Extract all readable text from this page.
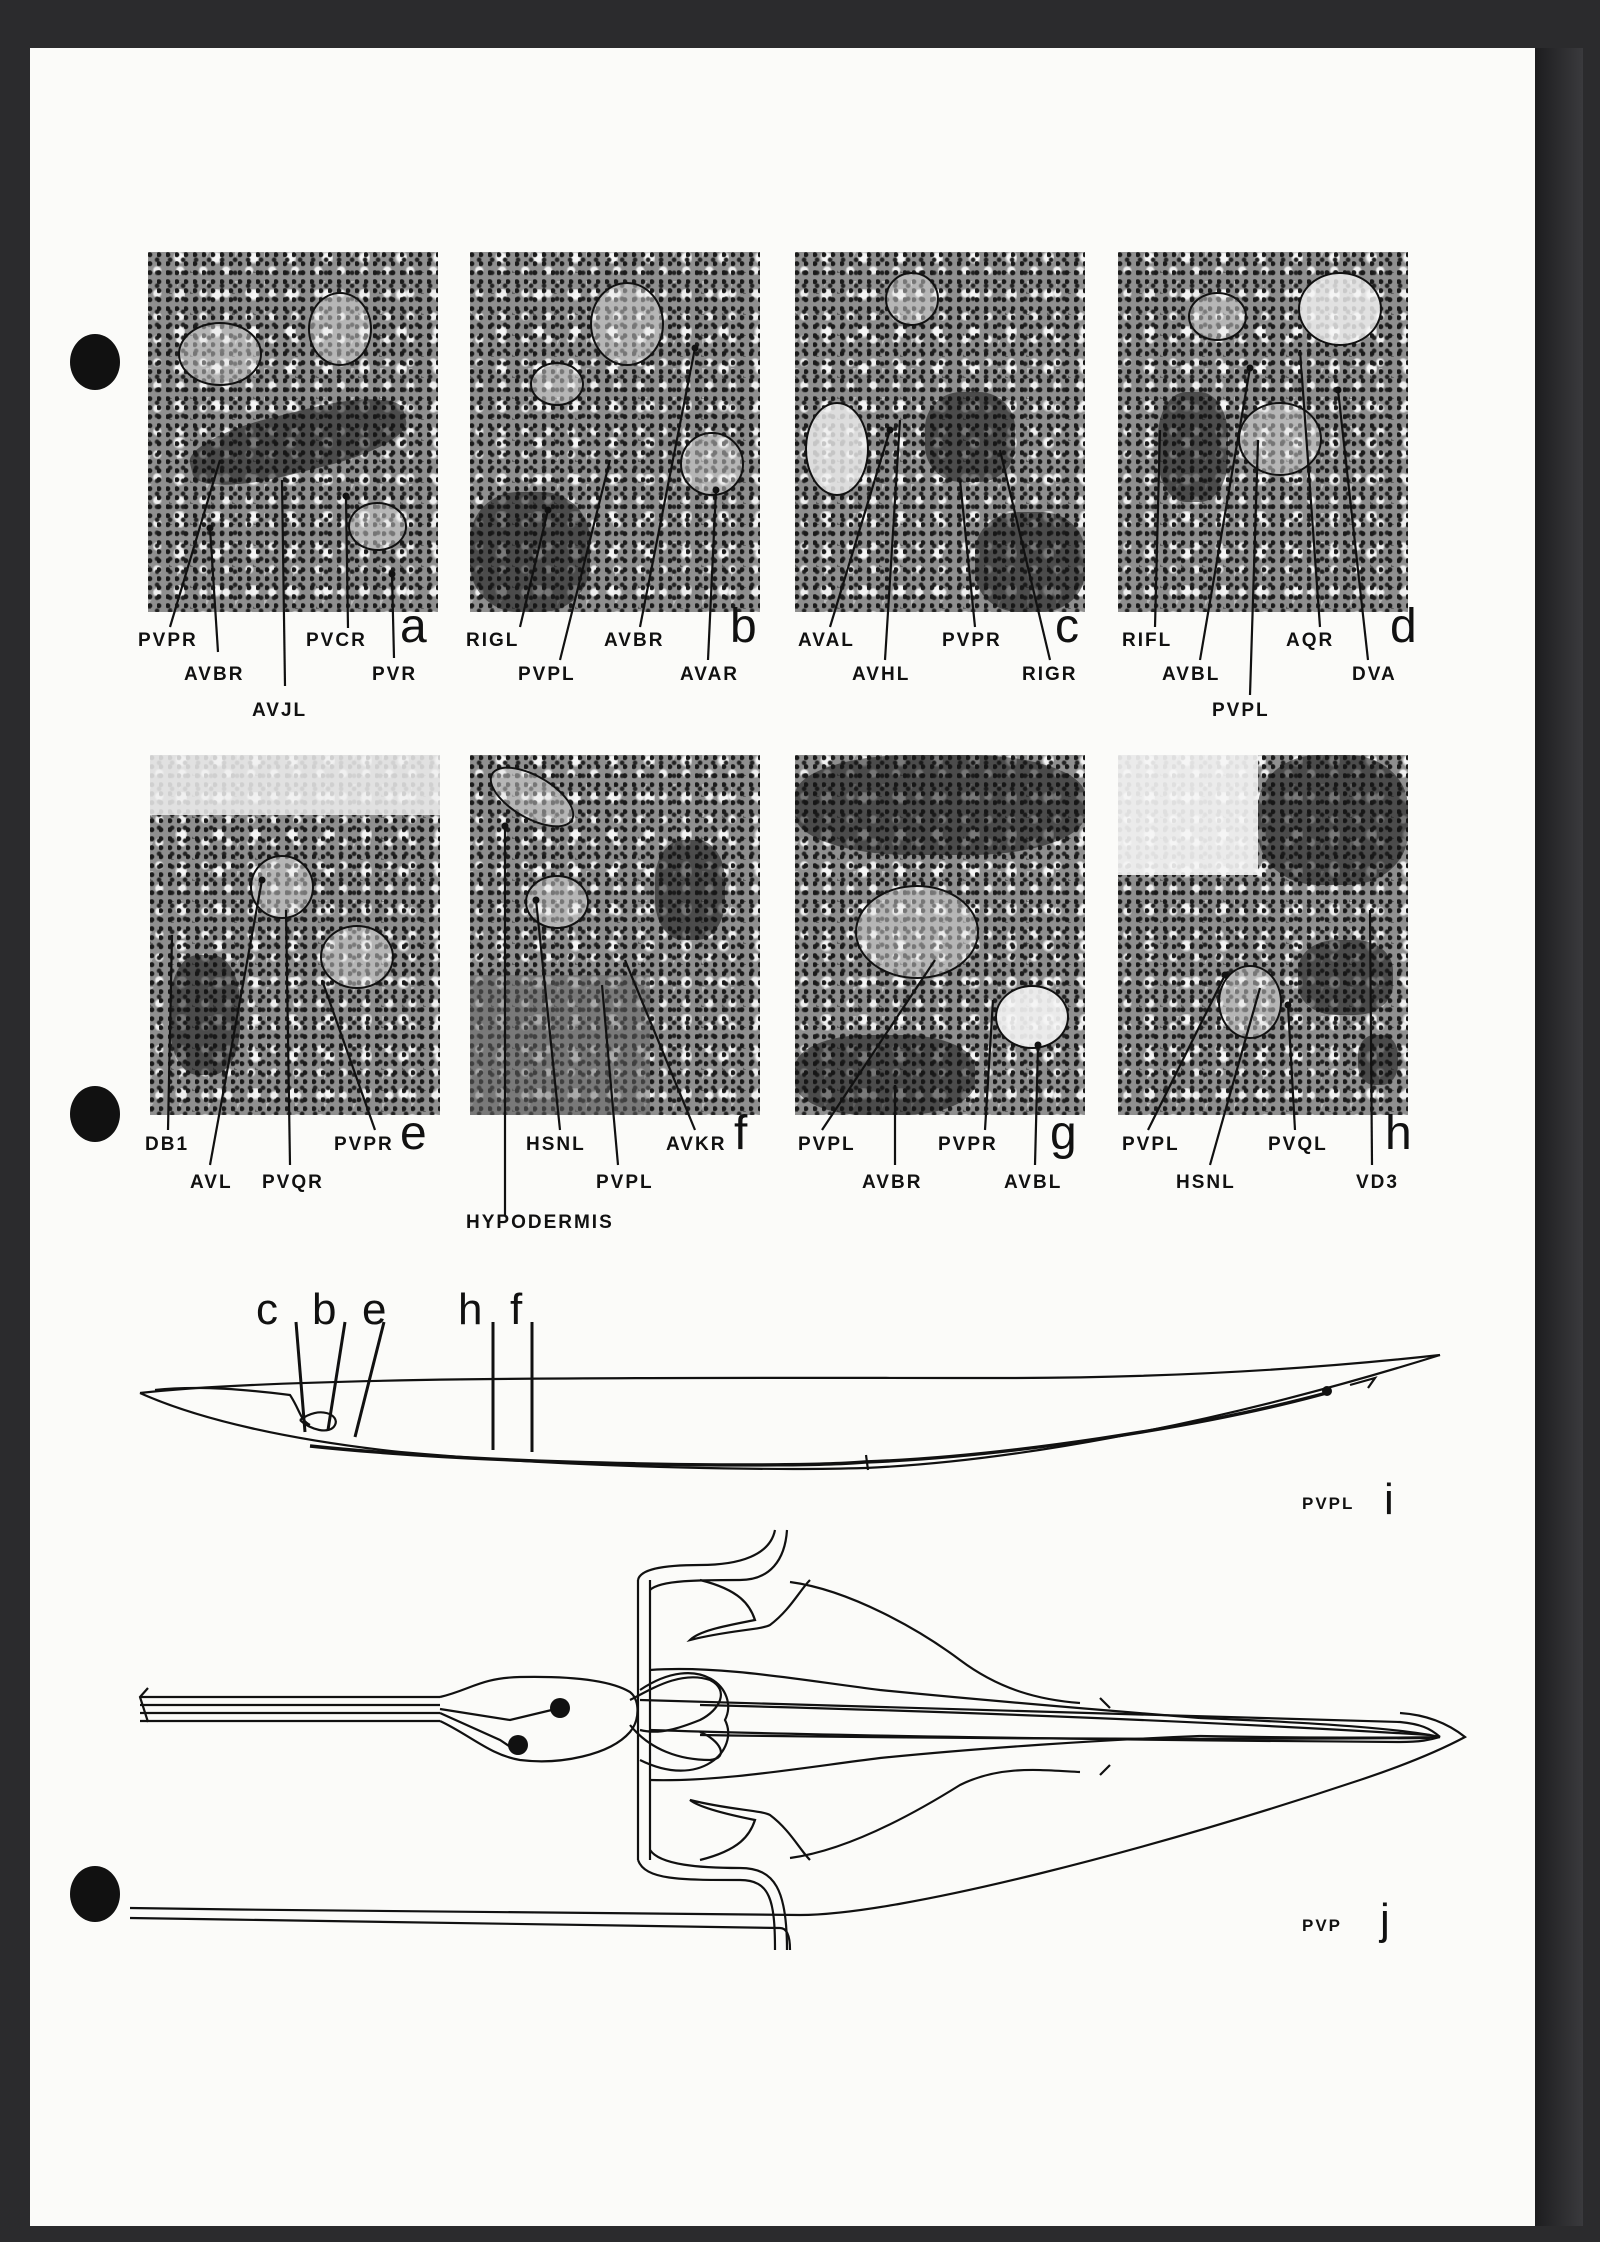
PVPR
AVBR
AVJL
PVCR
PVR
a RIGL
PVPL
AVBR
AVAR
b AVAL
AVHL
PVPR
RIGR
c RIFL
AVBL
PVPL
AQR
DVA
d
DB1
AVL PVQR
PVPR e	HSNL
PVPL
AVKR
HYPODERMIS
f	PVPL
AVBR
PVPR
AVBL
g PVPL
HSNL
PVQL
VD3
h
c b e h f
PVPL i
PVP j
